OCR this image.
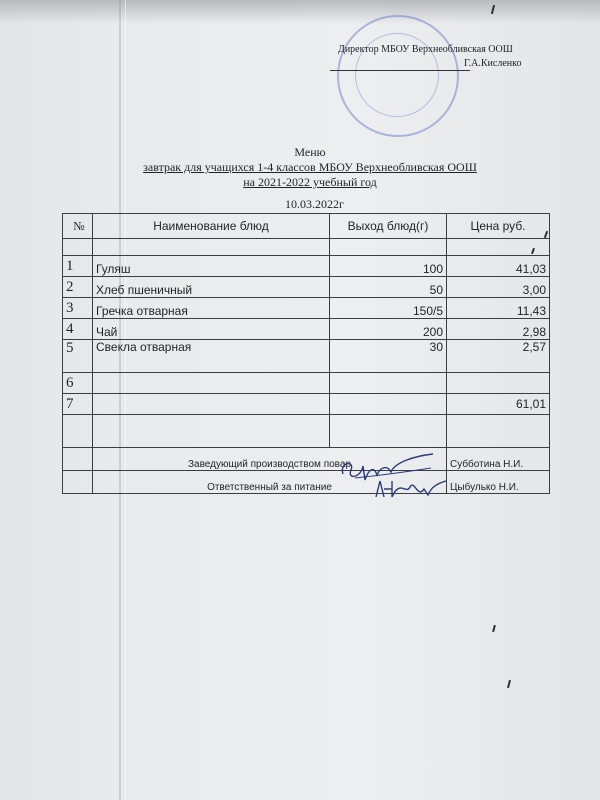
Директор МБОУ Верхнеобливская ООШ
Г.А.Кисленко
Меню
завтрак для учащихся 1-4 классов МБОУ Верхнеобливская ООШ
на 2021-2022 учебный год
10.03.2022г
№	Наименование блюд	Выход блюд(г)	Цена руб.

1	Гуляш	100	41,03
2	Хлеб пшеничный	50	3,00
3	Гречка отварная	150/5	11,43
4	Чай	200	2,98
5	Свекла отварная	30	2,57
6			
7			61,01

	Заведующий производством повар		Субботина Н.И.
	Ответственный за питание		Цыбулько Н.И.
